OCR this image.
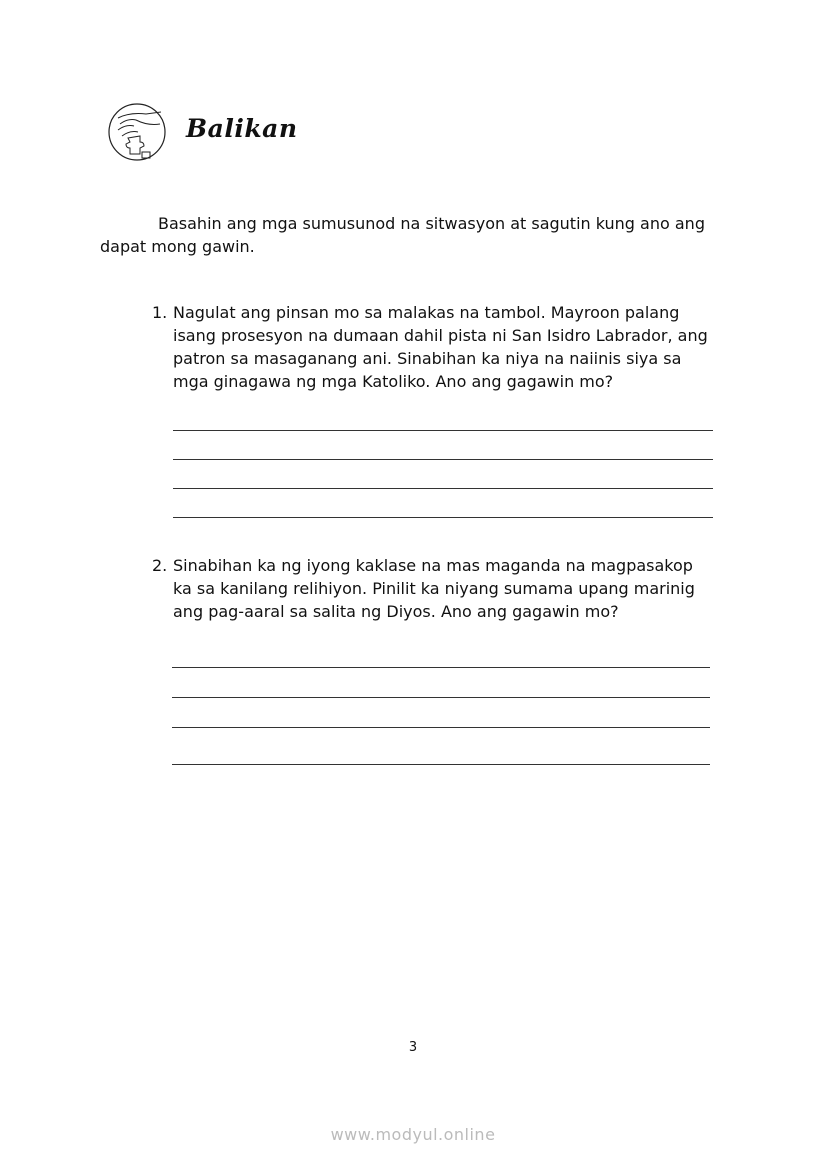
Balikan
Basahin ang mga sumusunod na sitwasyon at sagutin kung ano ang
dapat mong gawin.
1. Nagulat ang pinsan mo sa malakas na tambol. Mayroon palang
isang prosesyon na dumaan dahil pista ni San Isidro Labrador, ang
patron sa masaganang ani. Sinabihan ka niya na naiinis siya sa
mga ginagawa ng mga Katoliko. Ano ang gagawin mo?
2. Sinabihan ka ng iyong kaklase na mas maganda na magpasakop
ka sa kanilang relihiyon. Pinilit ka niyang sumama upang marinig
ang pag-aaral sa salita ng Diyos. Ano ang gagawin mo?
3
www.modyul.online
